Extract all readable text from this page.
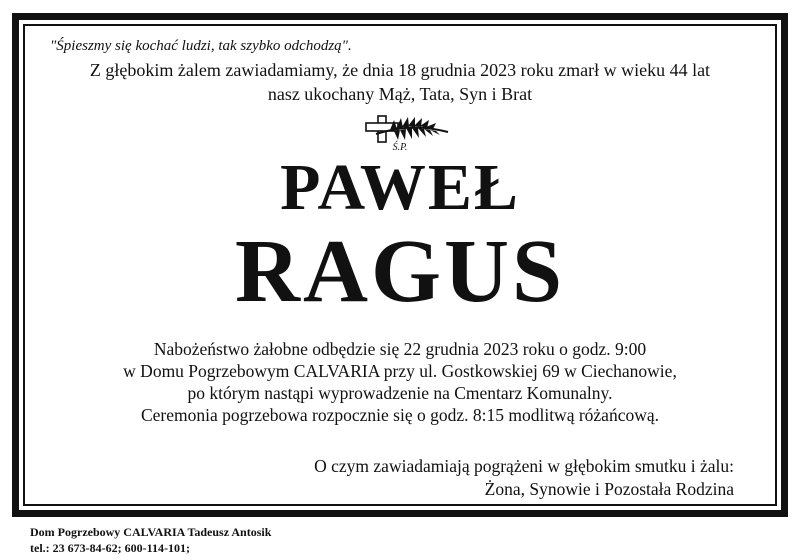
"Śpieszmy się kochać ludzi, tak szybko odchodzą".
Z głębokim żalem zawiadamiamy, że dnia 18 grudnia 2023 roku zmarł w wieku 44 lat
nasz ukochany Mąż, Tata, Syn i Brat
Ś.P.
PAWEŁ
RAGUS
Nabożeństwo żałobne odbędzie się 22 grudnia 2023 roku o godz. 9:00
w Domu Pogrzebowym CALVARIA przy ul. Gostkowskiej 69 w Ciechanowie,
po którym nastąpi wyprowadzenie na Cmentarz Komunalny.
Ceremonia pogrzebowa rozpocznie się o godz. 8:15 modlitwą różańcową.
O czym zawiadamiają pogrążeni w głębokim smutku i żalu:
Żona, Synowie i Pozostała Rodzina
Dom Pogrzebowy CALVARIA Tadeusz Antosik
tel.: 23 673-84-62; 600-114-101;
